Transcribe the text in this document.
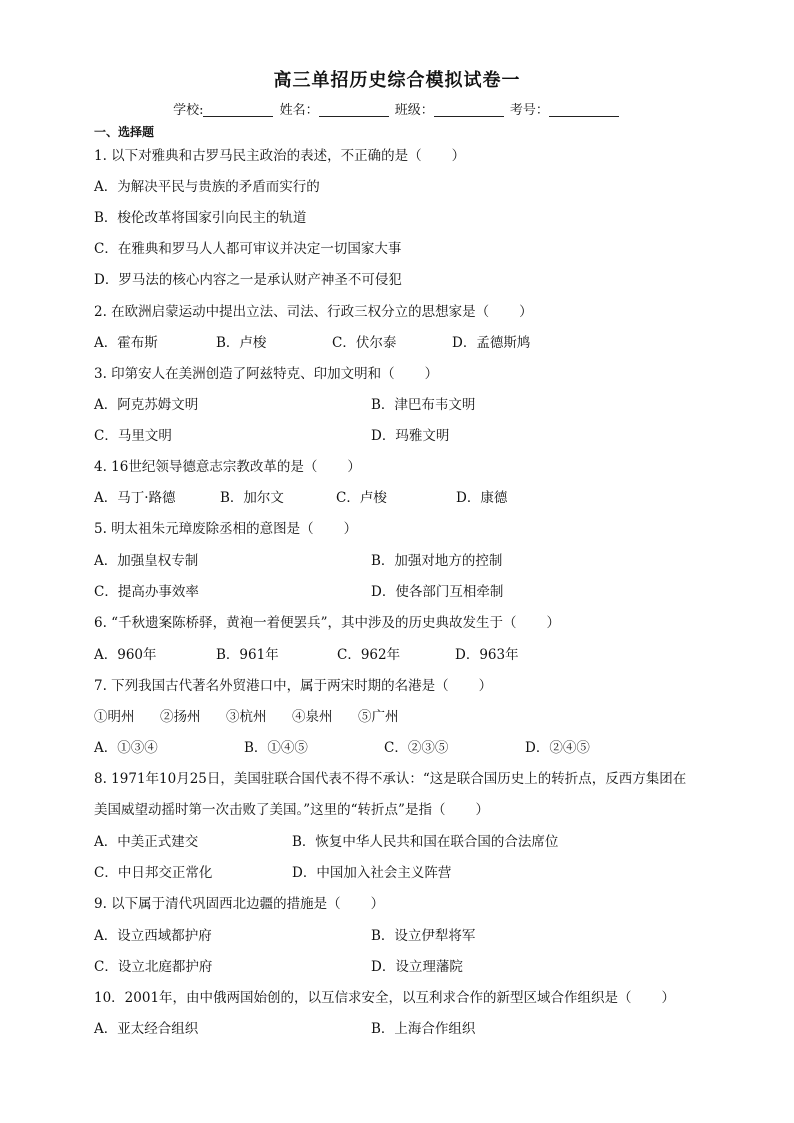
高三单招历史综合模拟试卷一
学校:	姓名：	班级：	考号：
一、选择题
1. 以下对雅典和古罗马民主政治的表述，不正确的是（ ）
A．为解决平民与贵族的矛盾而实行的
B．梭伦改革将国家引向民主的轨道
C．在雅典和罗马人人都可审议并决定一切国家大事
D．罗马法的核心内容之一是承认财产神圣不可侵犯
2. 在欧洲启蒙运动中提出立法、司法、行政三权分立的思想家是（ ）
A．霍布斯	B．卢梭	C．伏尔泰	D．孟德斯鸠
3. 印第安人在美洲创造了阿兹特克、印加文明和（ ）
A．阿克苏姆文明	B．津巴布韦文明
C．马里文明	D．玛雅文明
4. 16世纪领导德意志宗教改革的是（ ）
A．马丁·路德	B．加尔文	C．卢梭	D．康德
5. 明太祖朱元璋废除丞相的意图是（ ）
A．加强皇权专制	B．加强对地方的控制
C．提高办事效率	D．使各部门互相牵制
6. “千秋遗案陈桥驿，黄袍一着便罢兵”，其中涉及的历史典故发生于（ ）
A．960年	B．961年	C．962年	D．963年
7. 下列我国古代著名外贸港口中，属于两宋时期的名港是（ ）
①明州 ②扬州 ③杭州 ④泉州 ⑤广州
A．①③④	B．①④⑤	C．②③⑤	D．②④⑤
8. 1971年10月25日，美国驻联合国代表不得不承认：“这是联合国历史上的转折点，反西方集团在
美国威望动摇时第一次击败了美国。”这里的“转折点”是指（ ）
A．中美正式建交	B．恢复中华人民共和国在联合国的合法席位
C．中日邦交正常化	D．中国加入社会主义阵营
9. 以下属于清代巩固西北边疆的措施是（ ）
A．设立西域都护府	B．设立伊犁将军
C．设立北庭都护府	D．设立理藩院
10．2001年，由中俄两国始创的，以互信求安全，以互利求合作的新型区域合作组织是（ ）
A．亚太经合组织	B．上海合作组织
